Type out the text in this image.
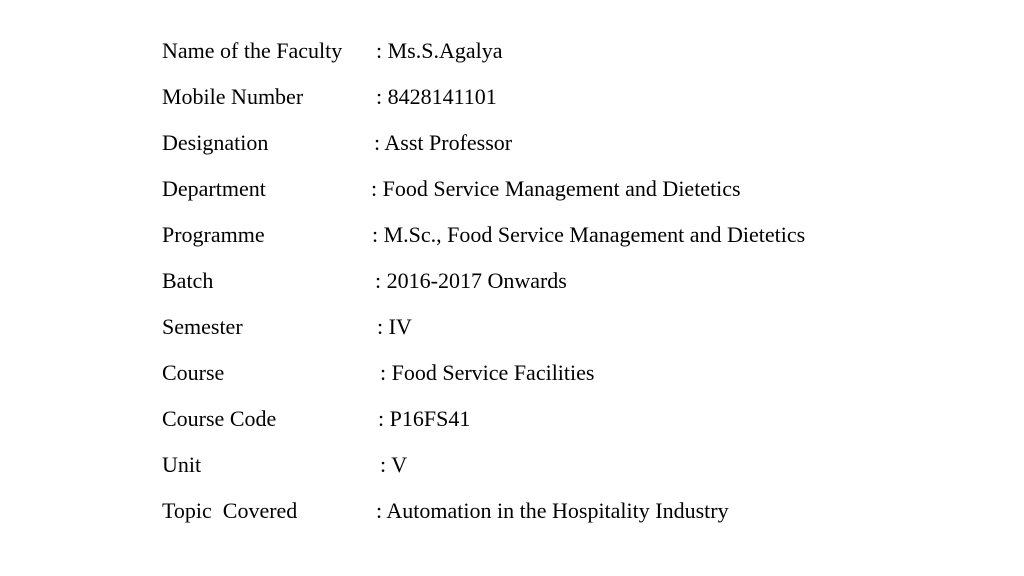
Name of the Faculty : Ms.S.Agalya
Mobile Number	: 8428141101
Designation	: Asst Professor
Department	: Food Service Management and Dietetics
Programme	: M.Sc., Food Service Management and Dietetics
Batch	: 2016-2017 Onwards
Semester	: IV
Course	: Food Service Facilities
Course Code	: P16FS41
Unit	: V
Topic  Covered	: Automation in the Hospitality Industry
